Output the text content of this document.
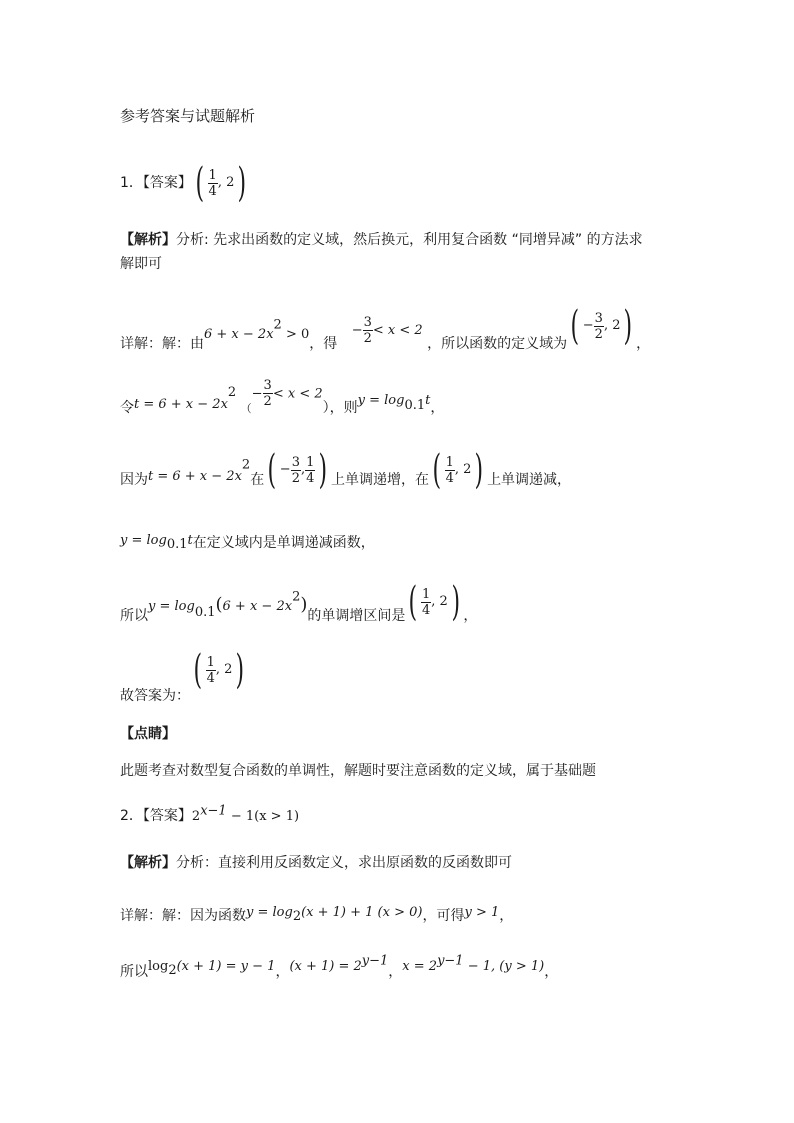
参考答案与试题解析
1．【答案】 ( $\frac{1}{4}$ , 2 )
【解析】分析: 先求出函数的定义域，然后换元，利用复合函数 “同增异减” 的方法求
解即可
详解：解：由$6 + x - 2x^2 > 0$，得 − $\frac{3}{2} < x < 2$ ，所以函数的定义域为 ( − $\frac{3}{2}$ , 2 ) ，
令$t = 6 + x - 2x^2$ $_(- \frac{3}{2} < x < 2$），则$y = \log_{0.1}t$，
因为$t = 6 + x - 2x^2$在 ( − $\frac{3}{2}$ , $\frac{1}{4}$ ) 上单调递增，在 ( $\frac{1}{4}$ , 2 ) 上单调递减，
$y = \log_{0.1}t$在定义域内是单调递减函数，
所以$y = \log_{0.1}(6 + x - 2x^2)$的单调增区间是 ( $\frac{1}{4}$ , 2 ) ，
故答案为：
( $\frac{1}{4}$ , 2 )
【点睛】
此题考查对数型复合函数的单调性，解题时要注意函数的定义域，属于基础题
2．【答案】$2^{x-1} - 1(x > 1)$
【解析】分析：直接利用反函数定义，求出原函数的反函数即可
详解：解：因为函数$y = \log_2(x + 1) + 1$ (x > 0)，可得y > 1，
所以$\log_2(x + 1) = y - 1$，$(x + 1) = 2^{y-1}$，$x = 2^{y-1} - 1$, (y > 1)，
